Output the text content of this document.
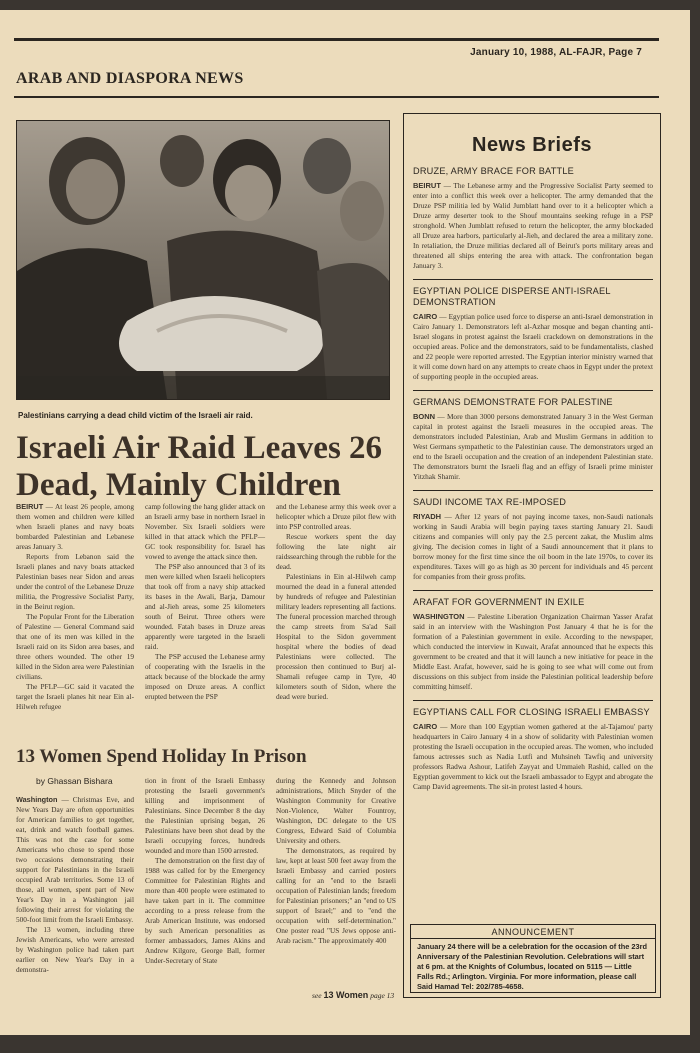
January 10, 1988, AL-FAJR, Page 7
ARAB AND DIASPORA NEWS
Palestinians carrying a dead child victim of the Israeli air raid.
Israeli Air Raid Leaves 26 Dead, Mainly Children

BEIRUT — At least 26 people, among them women and children were killed when Israeli planes and navy boats bombarded Palestinian and Lebanese areas January 3.

Reports from Lebanon said the Israeli planes and navy boats attacked Palestinian bases near Sidon and areas under the control of the Lebanese Druze militia, the Progressive Socialist Party, in the Beirut region.

The Popular Front for the Liberation of Palestine — General Command said that one of its men was killed in the Israeli raid on its Sidon area bases, and three others wounded. The other 19 killed in the Sidon area were Palestinian civilians.

The PFLP—GC said it vacated the target the Israeli planes hit near Ein al-Hilweh refugee

camp following the hang glider attack on an Israeli army base in northern Israel in November. Six Israeli soldiers were killed in that attack which the PFLP—GC took responsibility for. Israel has vowed to avenge the attack since then.

The PSP also announced that 3 of its men were killed when Israeli helicopters that took off from a navy ship attacked its bases in the Awali, Barja, Damour and al-Jieh areas, some 25 kilometers south of Beirut. Three others were wounded. Fatah bases in Druze areas apparently were targeted in the Israeli raid.

The PSP accused the Lebanese army of cooperating with the Israelis in the attack because of the blockade the army imposed on Druze areas. A conflict erupted between the PSP

and the Lebanese army this week over a helicopter which a Druze pilot flew with into PSP controlled areas.

Rescue workers spent the day following the late night air raidssearching through the rubble for the dead.

Palestinians in Ein al-Hilweh camp mourned the dead in a funeral attended by hundreds of refugee and Palestinian military leaders representing all factions. The funeral procession marched through the camp streets from Sa'ad Sail Hospital to the Sidon government hospital where the bodies of dead Palestinians were collected. The procession then continued to Burj al-Shamali refugee camp in Tyre, 40 kilometers south of Sidon, where the dead were buried.

13 Women Spend Holiday In Prison
by Ghassan Bishara

Washington — Christmas Eve, and New Years Day are often opportunities for American families to get together, eat, drink and watch football games. This was not the case for some Americans who chose to spend those two occasions demonstrating their support for Palestinians in the Israeli occupied Arab territories. Some 13 of those, all women, spent part of New Year's Day in a Washington jail following their arrest for violating the 500-foot limit from the Israeli Embassy.

The 13 women, including three Jewish Americans, who were arrested by Washington police had taken part earlier on New Year's Day in a demonstra-

tion in front of the Israeli Embassy protesting the Israeli government's killing and imprisonment of Palestinians. Since December 8 the day the Palestinian uprising began, 26 Palestinians have been shot dead by the Israeli occupying forces, hundreds wounded and more than 1500 arrested.

The demonstration on the first day of 1988 was called for by the Emergency Committee for Palestinian Rights and more than 400 people were estimated to have taken part in it. The committee according to a press release from the Arab American Institute, was endorsed by such American personalities as former ambassadors, James Akins and Andrew Kilgore, George Ball, former Under-Secretary of State

during the Kennedy and Johnson administrations, Mitch Snyder of the Washington Community for Creative Non-Violence, Walter Fountroy, Washington, DC delegate to the US Congress, Edward Said of Columbia University and others.

The demonstrators, as required by law, kept at least 500 feet away from the Israeli Embassy and carried posters calling for an "end to the Israeli occupation of Palestinian lands; freedom for Palestinian prisoners;" an "end to US support of Israel;" and to "end the occupation with self-determination." One poster read "US Jews oppose anti-Arab racism." The approximately 400

see 13 Women page 13
News Briefs
DRUZE, ARMY BRACE FOR BATTLE
BEIRUT — The Lebanese army and the Progressive Socialist Party seemed to enter into a conflict this week over a helicopter. The army demanded that the Druze PSP militia led by Walid Jumblatt hand over to it a helicopter which a Druze army deserter took to the Shouf mountains seeking refuge in a PSP stronghold. When Jumblatt refused to return the helicopter, the army blockaded all Druze area harbors, particularly al-Jieh, and declared the area a military zone. In retaliation, the Druze militias declared all of Beirut's ports military areas and threatened all ships entering the area with attack. The confrontation began January 3.
EGYPTIAN POLICE DISPERSE ANTI-ISRAEL DEMONSTRATION
CAIRO — Egyptian police used force to disperse an anti-Israel demonstration in Cairo January 1. Demonstrators left al-Azhar mosque and began chanting anti-Israel slogans in protest against the Israeli crackdown on demonstrations in the occupied areas. Police and the demonstrators, said to be fundamentalists, clashed and 22 people were reported arrested. The Egyptian interior ministry warned that it will come down hard on any attempts to create chaos in Egypt under the pretext of supporting people in the occupied areas.
GERMANS DEMONSTRATE FOR PALESTINE
BONN — More than 3000 persons demonstrated January 3 in the West German capital in protest against the Israeli measures in the occupied areas. The demonstrators included Palestinian, Arab and Muslim Germans in addition to West Germans sympathetic to the Palestinian cause. The demonstrators urged an end to the Israeli occupation and the creation of an independent Palestinian state. The demonstrators burnt the Israeli flag and an effigy of Israeli prime minister Yitzhak Shamir.
SAUDI INCOME TAX RE-IMPOSED
RIYADH — After 12 years of not paying income taxes, non-Saudi nationals working in Saudi Arabia will begin paying taxes starting January 21. Saudi citizens and companies will only pay the 2.5 percent zakat, the Muslim alms giving. The decision comes in light of a Saudi announcement that it plans to borrow money for the first time since the oil boom in the late 1970s, to cover its expenditures. Taxes will go as high as 30 percent for individuals and 45 percent for companies from their gross profits.
ARAFAT FOR GOVERNMENT IN EXILE
WASHINGTON — Palestine Liberation Organization Chairman Yasser Arafat said in an interview with the Washington Post January 4 that he is for the formation of a Palestinian government in exile. According to the newspaper, which conducted the interview in Kuwait, Arafat announced that he expects this government to be created and that it will launch a new initiative for peace in the Middle East. Arafat, however, said he is going to see what will come out from discussions on this subject from inside the Palestinian political leadership before committing himself.
EGYPTIANS CALL FOR CLOSING ISRAELI EMBASSY
CAIRO — More than 100 Egyptian women gathered at the al-Tajamou' party headquarters in Cairo January 4 in a show of solidarity with Palestinian women protesting the Israeli occupation in the occupied areas. The women, who included famous actresses such as Nadia Lutfi and Muhsineh Tawfiq and university professors Radwa Ashour, Latifeh Zayyat and Ummaieh Rashid, called on the Egyptian government to kick out the Israeli ambassador to Egypt and abrogate the Camp David agreements. The sit-in protest lasted 4 hours.
ANNOUNCEMENT
January 24 there will be a celebration for the occasion of the 23rd Anniversary of the Palestinian Revolution. Celebrations will start at 6 pm. at the Knights of Columbus, located on 5115 — Little Falls Rd.; Arlington. Virginia. For more information, please call Said Hamad Tel: 202/785-4658.
